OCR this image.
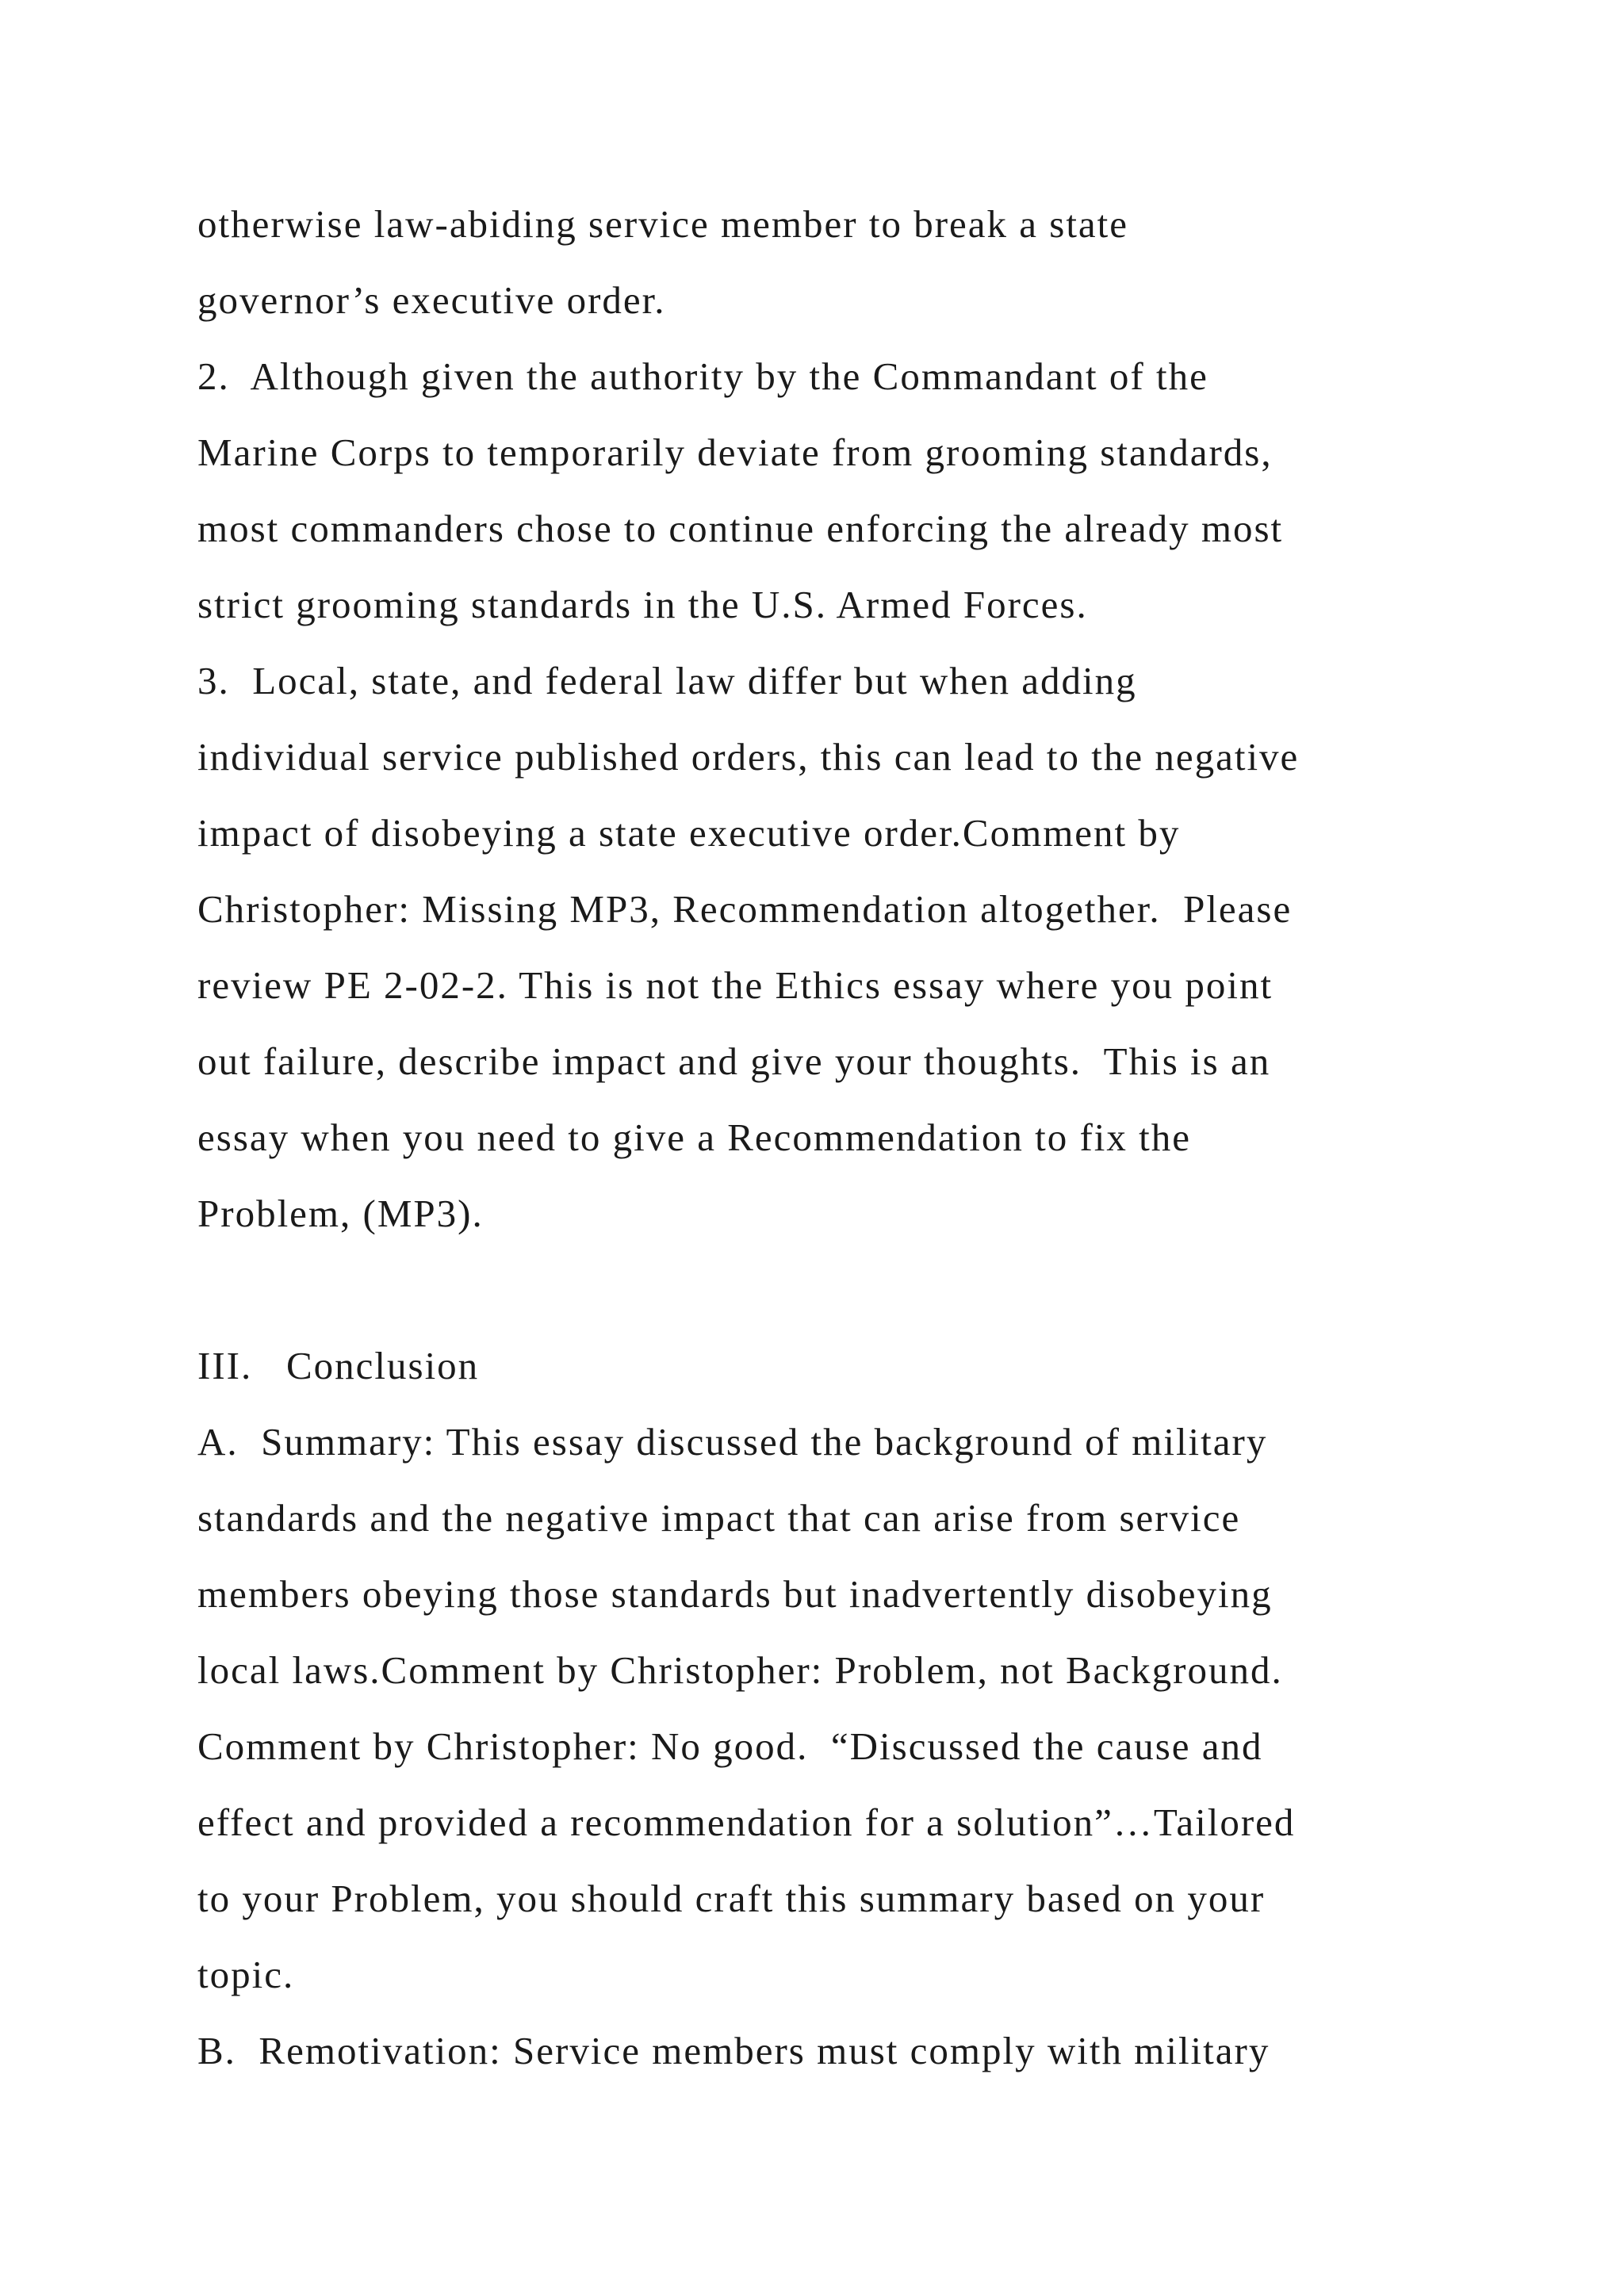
otherwise law-abiding service member to break a state
governor’s executive order.
2.  Although given the authority by the Commandant of the
Marine Corps to temporarily deviate from grooming standards,
most commanders chose to continue enforcing the already most
strict grooming standards in the U.S. Armed Forces.
3.  Local, state, and federal law differ but when adding
individual service published orders, this can lead to the negative
impact of disobeying a state executive order.Comment by
Christopher: Missing MP3, Recommendation altogether.  Please
review PE 2-02-2. This is not the Ethics essay where you point
out failure, describe impact and give your thoughts.  This is an
essay when you need to give a Recommendation to fix the
Problem, (MP3).
III.   Conclusion
A.  Summary: This essay discussed the background of military
standards and the negative impact that can arise from service
members obeying those standards but inadvertently disobeying
local laws.Comment by Christopher: Problem, not Background.
Comment by Christopher: No good.  “Discussed the cause and
effect and provided a recommendation for a solution”…Tailored
to your Problem, you should craft this summary based on your
topic.
B.  Remotivation: Service members must comply with military
